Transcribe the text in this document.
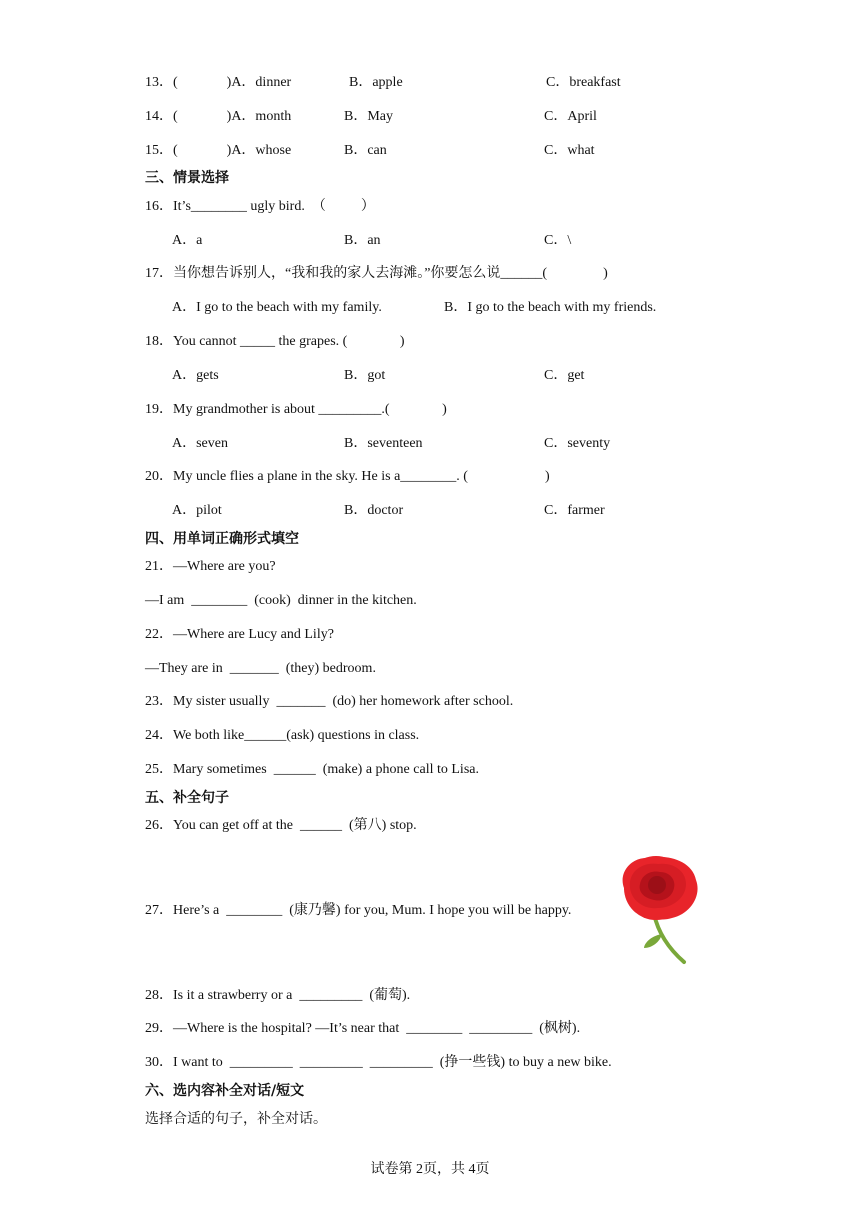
13．(              )A．dinner	B．apple	C．breakfast
14．(              )A．month	B．May	C．April
15．(              )A．whose	B．can	C．what
三、情景选择
16．It’s________ ugly bird.  （          ）
A．a	B．an	C．\
17．当你想告诉别人，“我和我的家人去海滩。”你要怎么说______(                )
A．I go to the beach with my family.	B．I go to the beach with my friends.
18．You cannot _____ the grapes. (               )
A．gets	B．got	C．get
19．My grandmother is about _________.(               )
A．seven	B．seventeen	C．seventy
20．My uncle flies a plane in the sky. He is a________. (                      )
A．pilot	B．doctor	C．farmer
四、用单词正确形式填空
21．—Where are you?
—I am  ________  (cook)  dinner in the kitchen.
22．—Where are Lucy and Lily?
—They are in  _______  (they) bedroom.
23．My sister usually  _______  (do) her homework after school.
24．We both like______(ask) questions in class.
25．Mary sometimes  ______  (make) a phone call to Lisa.
五、补全句子
26．You can get off at the  ______  (第八) stop.
27．Here’s a  ________  (康乃馨) for you, Mum. I hope you will be happy.
28．Is it a strawberry or a  _________  (葡萄).
29．—Where is the hospital? —It’s near that  ________  _________  (枫树).
30．I want to  _________  _________  _________  (挣一些钱) to buy a new bike.
六、选内容补全对话/短文
选择合适的句子，补全对话。
试卷第 2页，共 4页
